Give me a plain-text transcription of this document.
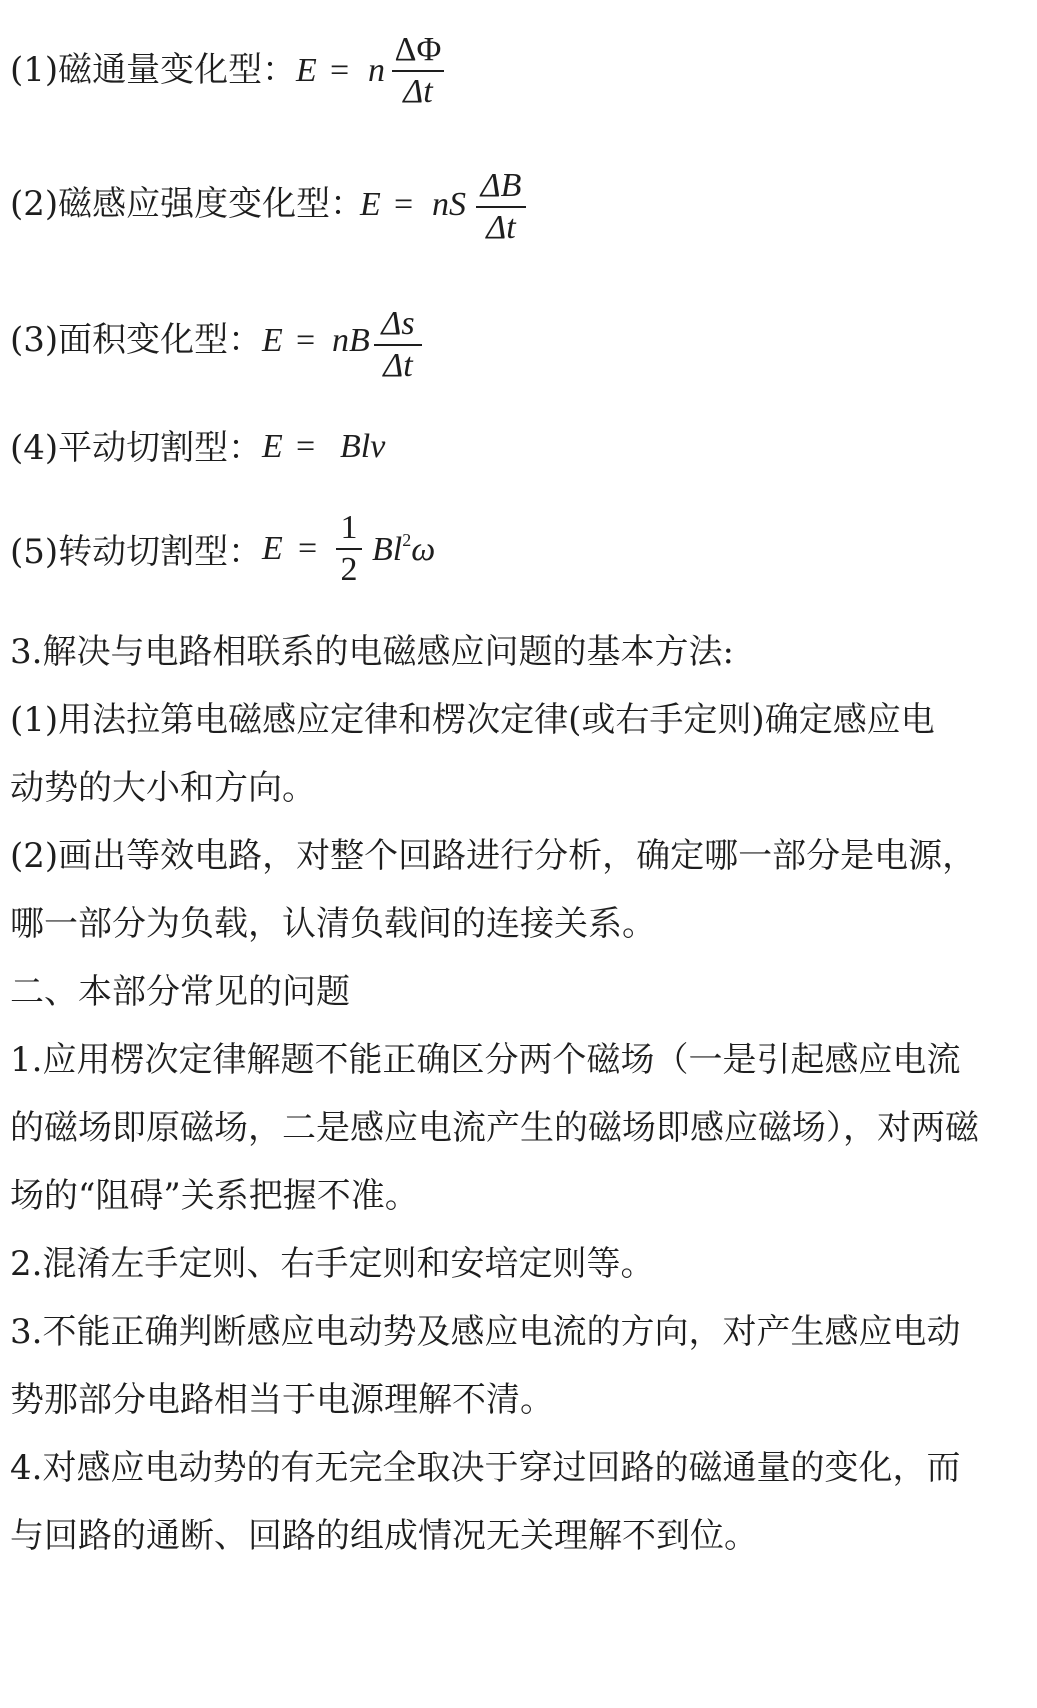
(1)磁通量变化型： E = n
ΔΦ
Δt
(2)磁感应强度变化型：
E = nS
ΔB
Δt
(3)面积变化型： E = nB Δs
Δt
(4)平动切割型： E = Blv
(5)转动切割型： E =
1
2
Bl$^2$ω
3.解决与电路相联系的电磁感应问题的基本方法:
(1)用法拉第电磁感应定律和楞次定律(或右手定则)确定感应电
动势的大小和方向。
(2)画出等效电路，对整个回路进行分析，确定哪一部分是电源，
哪一部分为负载，认清负载间的连接关系。
二、本部分常见的问题
1.应用楞次定律解题不能正确区分两个磁场（一是引起感应电流
的磁场即原磁场，二是感应电流产生的磁场即感应磁场），对两磁
场的“阻碍”关系把握不准。
2.混淆左手定则、右手定则和安培定则等。
3.不能正确判断感应电动势及感应电流的方向，对产生感应电动
势那部分电路相当于电源理解不清。
4.对感应电动势的有无完全取决于穿过回路的磁通量的变化，而
与回路的通断、回路的组成情况无关理解不到位。
